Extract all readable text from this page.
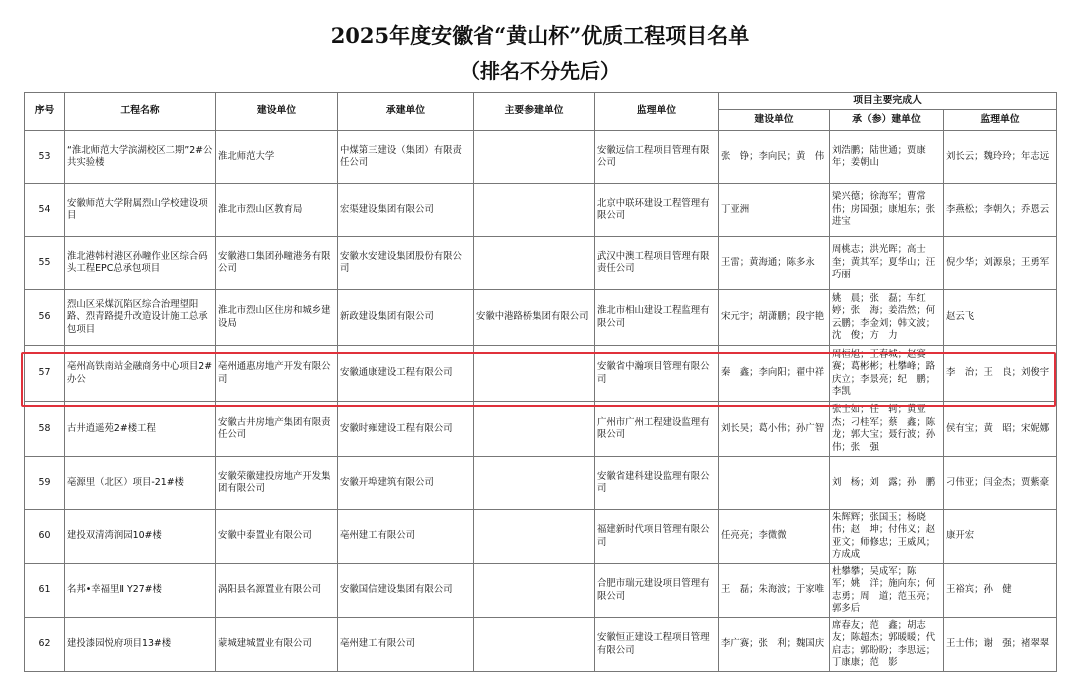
2025年度安徽省“黄山杯”优质工程项目名单
（排名不分先后）
序号	工程名称	建设单位	承建单位	主要参建单位	监理单位	项目主要完成人		
						建设单位	承（参）建单位	监理单位
53	“淮北师范大学滨湖校区二期”2#公共实验楼	淮北师范大学	中煤第三建设（集团）有限责任公司		安徽远信工程项目管理有限公司	张　铮；李向民；黄　伟	刘浩鹏；陆世通；贾康年；姜朝山	刘长云；魏玲玲；年志远
54	安徽师范大学附属烈山学校建设项目	淮北市烈山区教育局	宏渠建设集团有限公司		北京中联环建设工程管理有限公司	丁亚洲	梁兴德；徐海军；曹常伟；房国强；康旭东；张进宝	李燕松；李朝久；乔恩云
55	淮北港韩村港区孙疃作业区综合码头工程EPC总承包项目	安徽港口集团孙疃港务有限公司	安徽水安建设集团股份有限公司		武汉中澳工程项目管理有限责任公司	王雷；黄海通；陈多永	周桃志；洪光晖；高士奎；黄其军；夏华山；汪巧丽	倪少华；刘源泉；王勇军
56	烈山区采煤沉陷区综合治理望阳路、烈青路提升改造设计施工总承包项目	淮北市烈山区住房和城乡建设局	新政建设集团有限公司	安徽中港路桥集团有限公司	淮北市相山建设工程监理有限公司	宋元宇；胡潇鹏；段宇艳	姚　晨；张　磊；车红婷；张　海；姜浩然；何云鹏；李金刘；韩文波；沈　俊；方　力	赵云飞
57	亳州高铁南站金融商务中心项目2#办公	亳州通惠房地产开发有限公司	安徽通康建设工程有限公司		安徽省中瀚项目管理有限公司	秦　鑫；李向阳；翟中祥	周桓旭；王春城；赵赛赛；葛彬彬；杜攀峰；路庆立；李景亮；纪　鹏；李凯	李　治；王　良；刘俊宇
58	古井逍遥苑2#楼工程	安徽古井房地产集团有限责任公司	安徽时雍建设工程有限公司		广州市广州工程建设监理有限公司	刘长昊；葛小伟；孙广智	张士如；任　轲；黄亚杰；刁桂军；蔡　鑫；陈　龙；郭大宝；聂行波；孙　伟；张　强	侯有宝；黄　昭；宋妮娜
59	亳源里（北区）项目-21#楼	安徽荣徽建投房地产开发集团有限公司	安徽开埠建筑有限公司		安徽省建科建设监理有限公司		刘　杨；刘　露；孙　鹏	刁伟亚；闫金杰；贾紫豪
60	建投双清湾润园10#楼	安徽中泰置业有限公司	亳州建工有限公司		福建新时代项目管理有限公司	任亮亮；李微微	朱辉辉；张国玉；杨晓伟；赵　坤；付伟义；赵亚文；师修忠；王威风；方成成	康开宏
61	名邦•幸福里Ⅱ Y27#楼	涡阳县名源置业有限公司	安徽国信建设集团有限公司		合肥市瑞元建设项目管理有限公司	王　磊；朱海波；于家唯	杜攀攀；吴成军；陈　军；姚　洋；施向东；何志勇；周　道；范玉亮；郭多后	王裕宾；孙　健
62	建投漆园悦府项目13#楼	蒙城建城置业有限公司	亳州建工有限公司		安徽恒正建设工程项目管理有限公司	李广赛；张　利；魏国庆	席春友；范　鑫；胡志友；陈超杰；郭暖暖；代启志；郭盼盼；李思远；丁康康；范　影	王士伟；谢　强；褚翠翠
